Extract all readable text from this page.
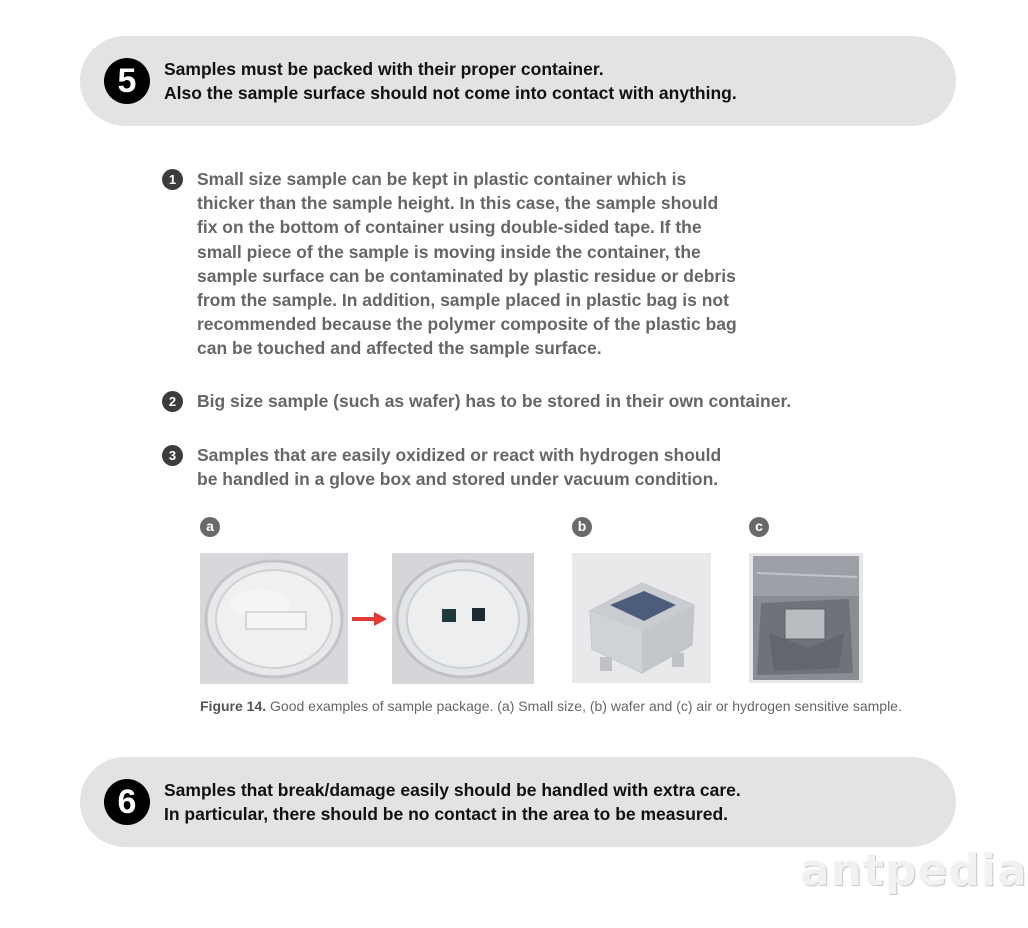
5	Samples must be packed with their proper container.
Also the sample surface should not come into contact with anything.
1	Small size sample can be kept in plastic container which is
thicker than the sample height. In this case, the sample should
fix on the bottom of container using double-sided tape. If the
small piece of the sample is moving inside the container, the
sample surface can be contaminated by plastic residue or debris
from the sample. In addition, sample placed in plastic bag is not
recommended because the polymer composite of the plastic bag
can be touched and affected the sample surface.
2	Big size sample (such as wafer) has to be stored in their own container.
3	Samples that are easily oxidized or react with hydrogen should
be handled in a glove box and stored under vacuum condition.
a	b	c
Figure 14. Good examples of sample package. (a) Small size, (b) wafer and (c) air or hydrogen sensitive sample.
6	Samples that break/damage easily should be handled with extra care.
In particular, there should be no contact in the area to be measured.
antpedia
